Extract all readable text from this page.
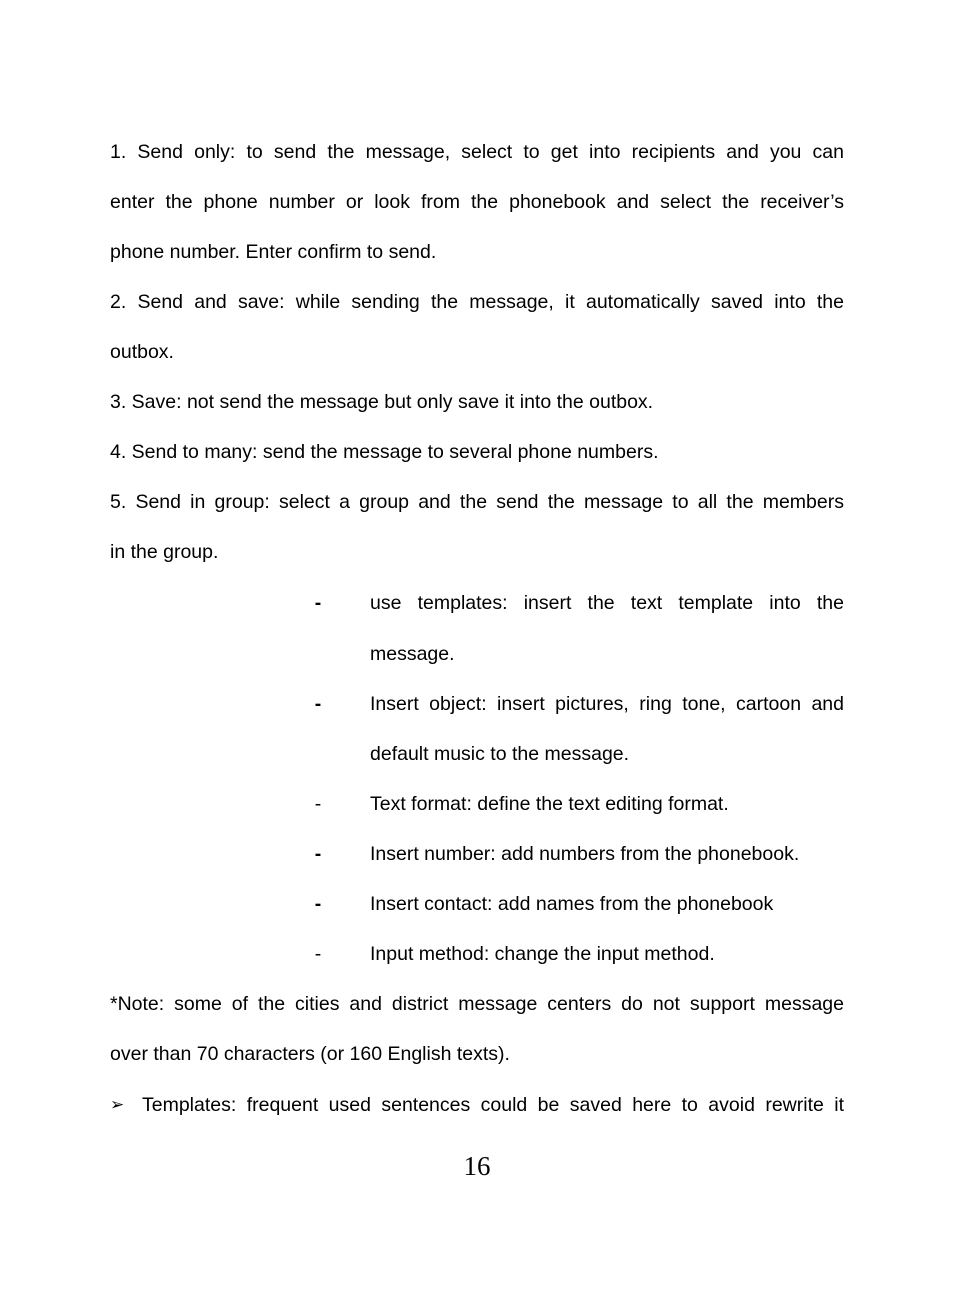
1. Send only: to send the message, select to get into recipients and you can
enter the phone number or look from the phonebook and select the receiver’s
phone number. Enter confirm to send.
2. Send and save: while sending the message, it automatically saved into the
outbox.
3. Save: not send the message but only save it into the outbox.
4. Send to many: send the message to several phone numbers.
5. Send in group: select a group and the send the message to all the members
in the group.
-	use templates: insert the text template into the
message.
-	Insert object: insert pictures, ring tone, cartoon and
default music to the message.
-	Text format: define the text editing format.
-	Insert number: add numbers from the phonebook.
-	Insert contact: add names from the phonebook
-	Input method: change the input method.
*Note: some of the cities and district message centers do not support message
over than 70 characters (or 160 English texts).
➢ Templates: frequent used sentences could be saved here to avoid rewrite it
16
